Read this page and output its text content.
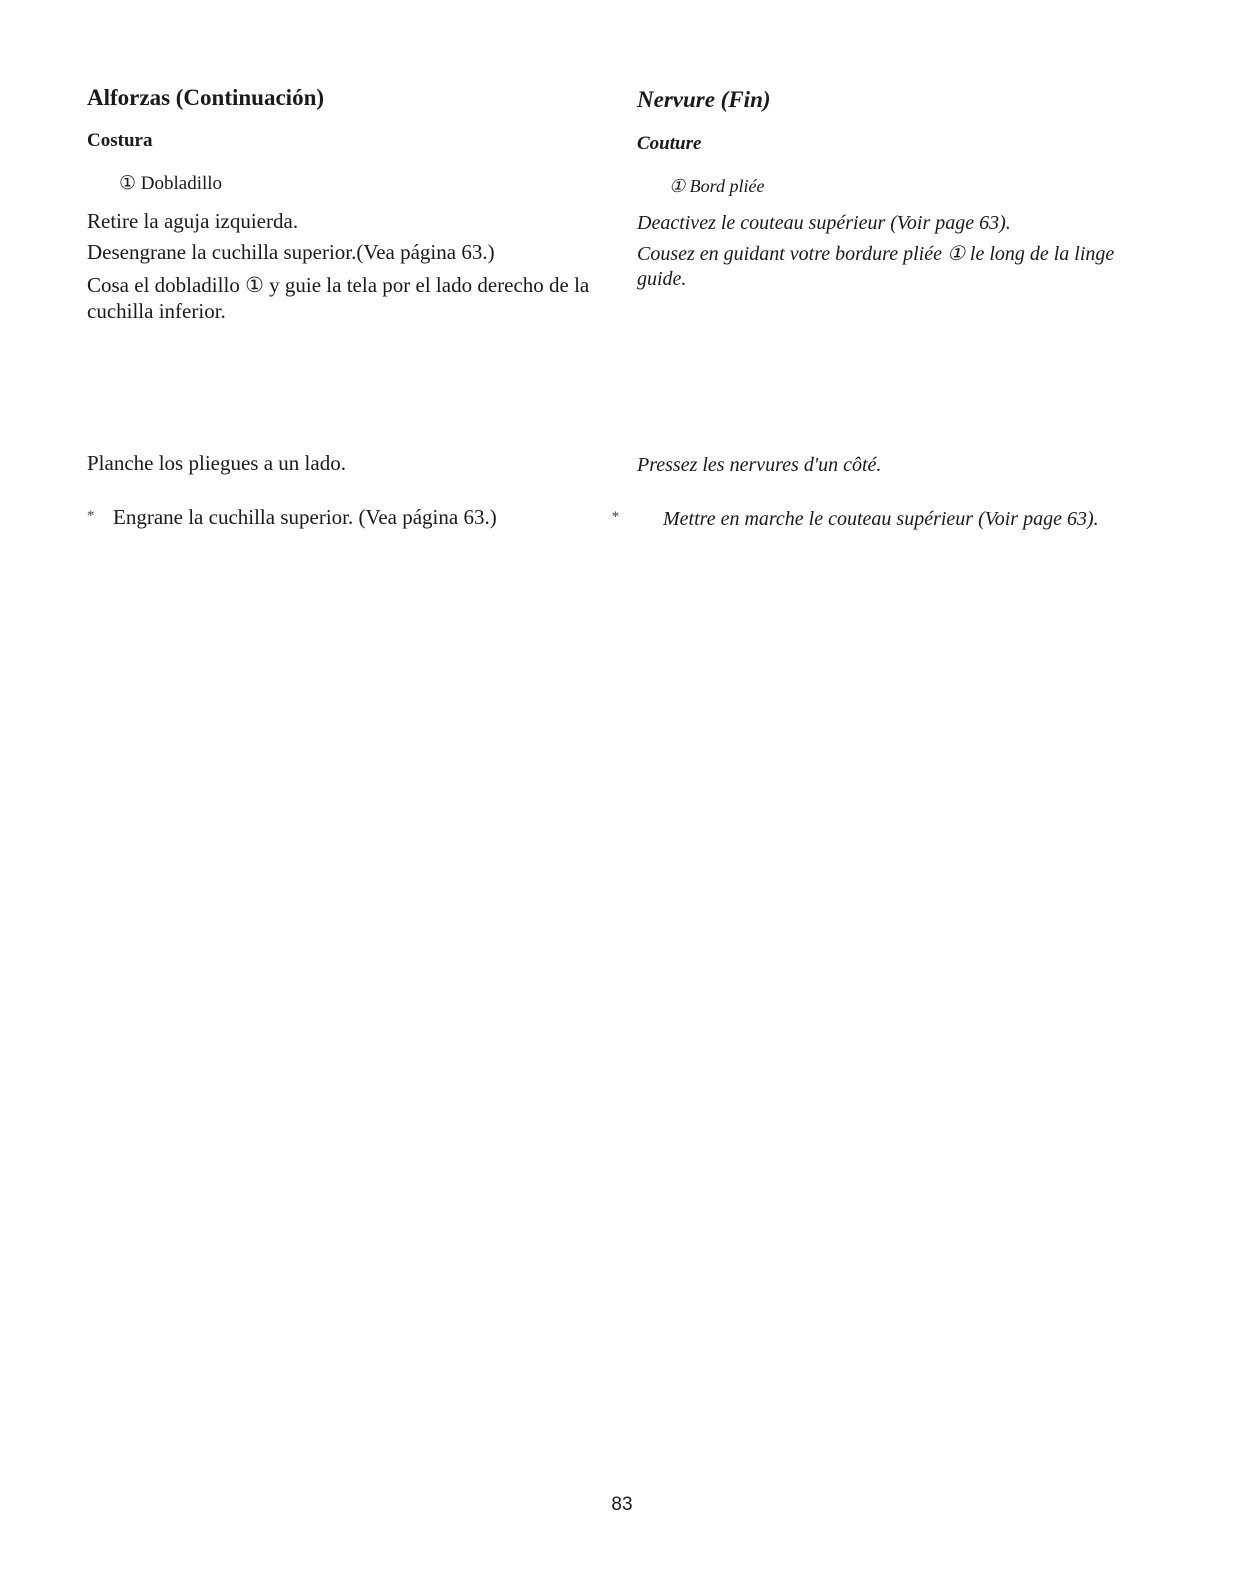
Alforzas (Continuación)
Costura
① Dobladillo
Retire la aguja izquierda.
Desengrane la cuchilla superior.(Vea página 63.)
Cosa el dobladillo ① y guie la tela por el lado derecho de la cuchilla inferior.
Planche los pliegues a un lado.
* Engrane la cuchilla superior. (Vea página 63.)
Nervure (Fin)
Couture
① Bord pliée
Deactivez le couteau supérieur (Voir page 63).
Cousez en guidant votre bordure pliée ① le long de la linge guide.
Pressez les nervures d'un côté.
* Mettre en marche le couteau supérieur (Voir page 63).
83
